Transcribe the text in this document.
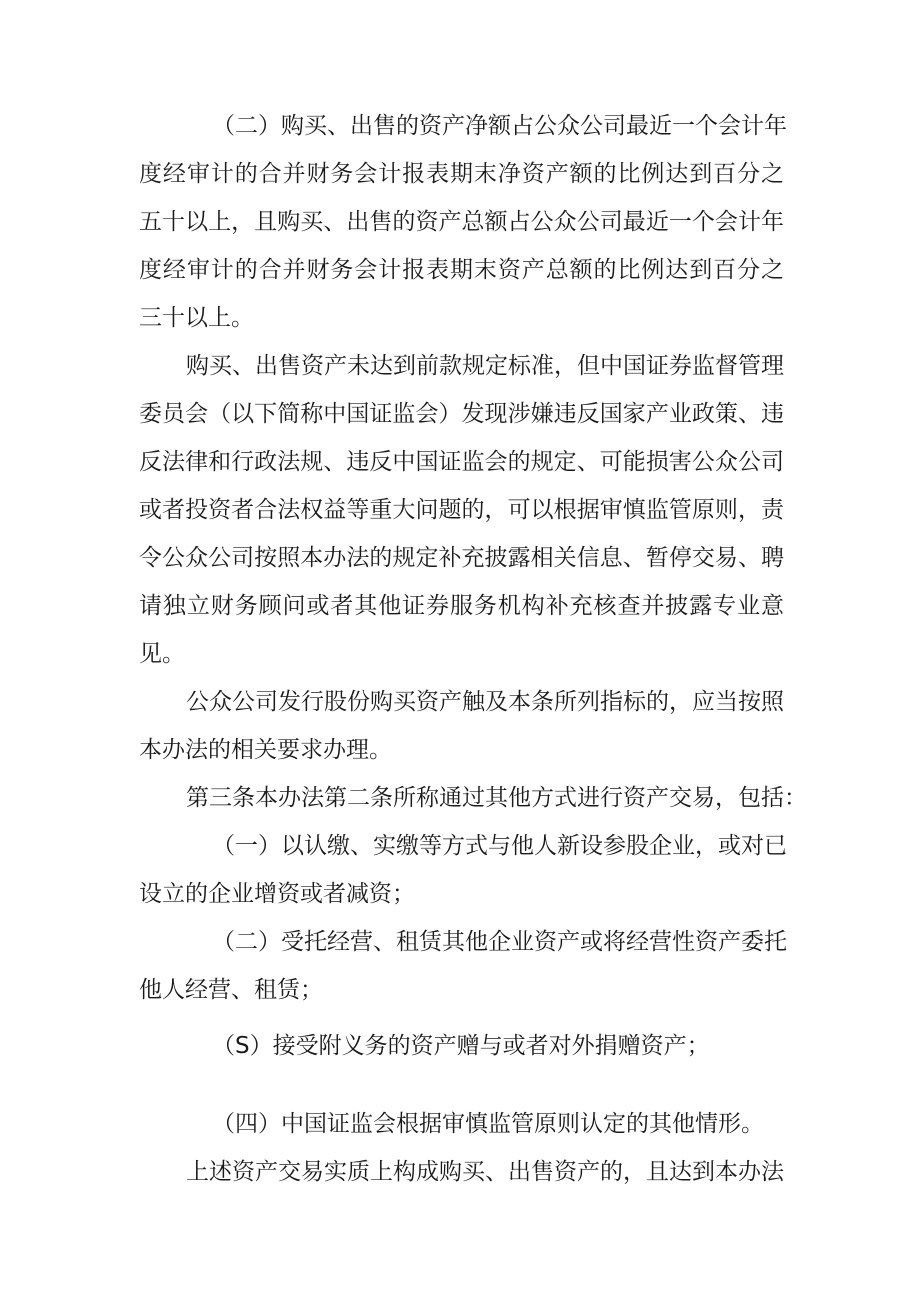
（二）购买、出售的资产净额占公众公司最近一个会计年
度经审计的合并财务会计报表期末净资产额的比例达到百分之
五十以上，且购买、出售的资产总额占公众公司最近一个会计年
度经审计的合并财务会计报表期末资产总额的比例达到百分之
三十以上。
购买、出售资产未达到前款规定标准，但中国证券监督管理
委员会（以下简称中国证监会）发现涉嫌违反国家产业政策、违
反法律和行政法规、违反中国证监会的规定、可能损害公众公司
或者投资者合法权益等重大问题的，可以根据审慎监管原则，责
令公众公司按照本办法的规定补充披露相关信息、暂停交易、聘
请独立财务顾问或者其他证券服务机构补充核查并披露专业意
见。
公众公司发行股份购买资产触及本条所列指标的，应当按照
本办法的相关要求办理。
第三条本办法第二条所称通过其他方式进行资产交易，包括：
（一）以认缴、实缴等方式与他人新设参股企业，或对已
设立的企业增资或者减资；
（二）受托经营、租赁其他企业资产或将经营性资产委托
他人经营、租赁；
（S）接受附义务的资产赠与或者对外捐赠资产；
（四）中国证监会根据审慎监管原则认定的其他情形。
上述资产交易实质上构成购买、出售资产的，且达到本办法
